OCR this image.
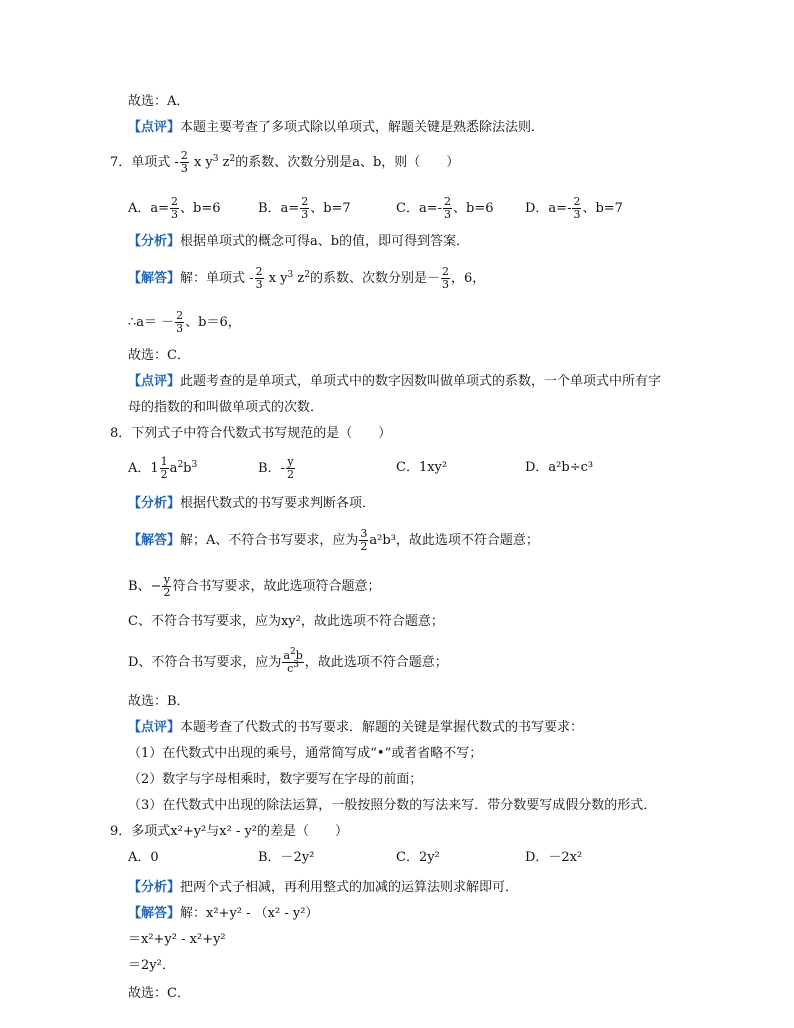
故选：A．
【点评】本题主要考查了多项式除以单项式，解题关键是熟悉除法法则．
7．单项式 - $\frac{2}{3}$ x $y^3$ $z^2$的系数、次数分别是a、b，则（　　）
A．$a= \frac{2}{3}$ 、b=6	B．$a= \frac{2}{3}$ 、b=7	C．$a=- \frac{2}{3}$ 、b=6 D．$a=- \frac{2}{3}$ 、b=7
【分析】根据单项式的概念可得a、b的值，即可得到答案．
【解答】解：单项式 - $\frac{2}{3}$ x $y^3$ $z^2$的系数、次数分别是－ $\frac{2}{3}$ ，6，
∴a＝ － $\frac{2}{3}$ 、b＝6，
故选：C．
【点评】此题考查的是单项式，单项式中的数字因数叫做单项式的系数，一个单项式中所有字
母的指数的和叫做单项式的次数．
8．下列式子中符合代数式书写规范的是（　　）
A．$1 \frac{1}{2} a^2b^3$	B．- $\frac{y}{2}$	C．1xy²	D．a²b÷c³
【分析】根据代数式的书写要求判断各项．
【解答】解；A、不符合书写要求，应为 $\frac{3}{2} a^2b^3$，故此选项不符合题意；
B、− $\frac{y}{2}$ 符合书写要求，故此选项符合题意；
C、不符合书写要求，应为xy²，故此选项不符合题意；
D、不符合书写要求，应为 $\frac{a^2b}{c^3}$ ，故此选项不符合题意；
故选：B．
【点评】本题考查了代数式的书写要求．解题的关键是掌握代数式的书写要求：
（1）在代数式中出现的乘号，通常简写成“•”或者省略不写；
（2）数字与字母相乘时，数字要写在字母的前面；
（3）在代数式中出现的除法运算，一般按照分数的写法来写．带分数要写成假分数的形式．
9．多项式x²+y²与x² - y²的差是（　　）
A．0	B．－2y²	C．2y²	D．－2x²
【分析】把两个式子相减，再利用整式的加减的运算法则求解即可．
【解答】解：x²+y² - （x² - y²）
＝x²+y² - x²+y²
＝2y²．
故选：C．
